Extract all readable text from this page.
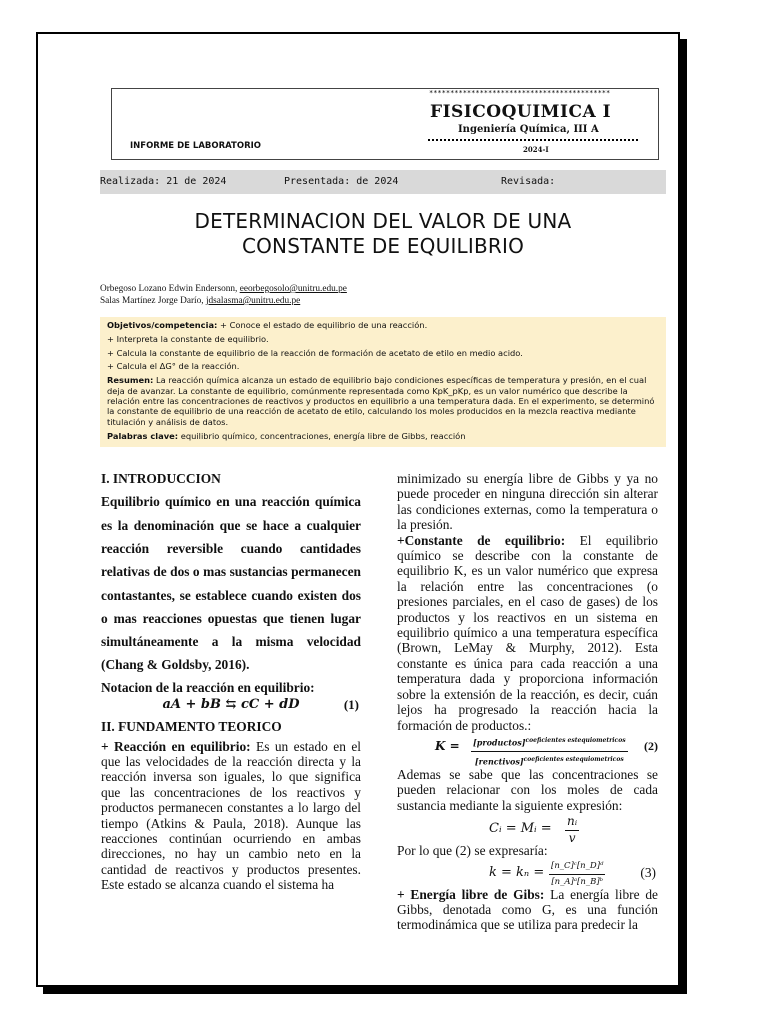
*******************************************
FISICOQUIMICA I
Ingeniería Química, III A
2024-I
INFORME DE LABORATORIO
Realizada: 21 de 2024	Presentada: de 2024	Revisada:
DETERMINACION DEL VALOR DE UNA
CONSTANTE DE EQUILIBRIO
Orbegoso Lozano Edwin Endersonn, eeorbegosolo@unitru.edu.pe
Salas Martínez Jorge Darío, jdsalasma@unitru.edu.pe

Objetivos/competencia: + Conoce el estado de equilibrio de una reacción.

+ Interpreta la constante de equilibrio.

+ Calcula la constante de equilibrio de la reacción de formación de acetato de etilo en medio acido.

+ Calcula el ΔG° de la reacción.

Resumen: La reacción química alcanza un estado de equilibrio bajo condiciones específicas de temperatura y presión, en el cual deja de avanzar. La constante de equilibrio, comúnmente representada como KpK_pKp, es un valor numérico que describe la relación entre las concentraciones de reactivos y productos en equilibrio a una temperatura dada. En el experimento, se determinó la constante de equilibrio de una reacción de acetato de etilo, calculando los moles producidos en la mezcla reactiva mediante titulación y análisis de datos.

Palabras clave: equilibrio químico, concentraciones, energía libre de Gibbs, reacción

I. INTRODUCCION

Equilibrio químico en una reacción química es la denominación que se hace a cualquier reacción reversible cuando cantidades relativas de dos o mas sustancias permanecen contastantes, se establece cuando existen dos o mas reacciones opuestas que tienen lugar simultáneamente a la misma velocidad (Chang & Goldsby, 2016).

Notacion de la reacción en equilibrio:

aA + bB ⇆ cC + dD	(1)

II. FUNDAMENTO TEORICO

+ Reacción en equilibrio: Es un estado en el que las velocidades de la reacción directa y la reacción inversa son iguales, lo que significa que las concentraciones de los reactivos y productos permanecen constantes a lo largo del tiempo (Atkins & Paula, 2018). Aunque las reacciones continúan ocurriendo en ambas direcciones, no hay un cambio neto en la cantidad de reactivos y productos presentes. Este estado se alcanza cuando el sistema ha

minimizado su energía libre de Gibbs y ya no puede proceder en ninguna dirección sin alterar las condiciones externas, como la temperatura o la presión.

+Constante de equilibrio: El equilibrio químico se describe con la constante de equilibrio K, es un valor numérico que expresa la relación entre las concentraciones (o presiones parciales, en el caso de gases) de los productos y los reactivos en un sistema en equilibrio químico a una temperatura específica (Brown, LeMay & Murphy, 2012). Esta constante es única para cada reacción a una temperatura dada y proporciona información sobre la extensión de la reacción, es decir, cuán lejos ha progresado la reacción hacia la formación de productos.:

K = [productos]$^{coeficientes estequiometricos}$
[renctivos]$^{coeficientes estequiometricos}$
(2)

Ademas se sabe que las concentraciones se pueden relacionar con los moles de cada sustancia mediante la siguiente expresión:

Cᵢ = Mᵢ = $\frac{\text{nᵢ}}{v}$

Por lo que (2) se expresaría:

$k = k_n = \frac{\text{[n\_C]ᶜ[n\_D]ᵈ}}{\text{[n\_A]ᵃ[n\_B]ᵇ}}$	(3)

+ Energía libre de Gibs: La energía libre de Gibbs, denotada como G, es una función termodinámica que se utiliza para predecir la
